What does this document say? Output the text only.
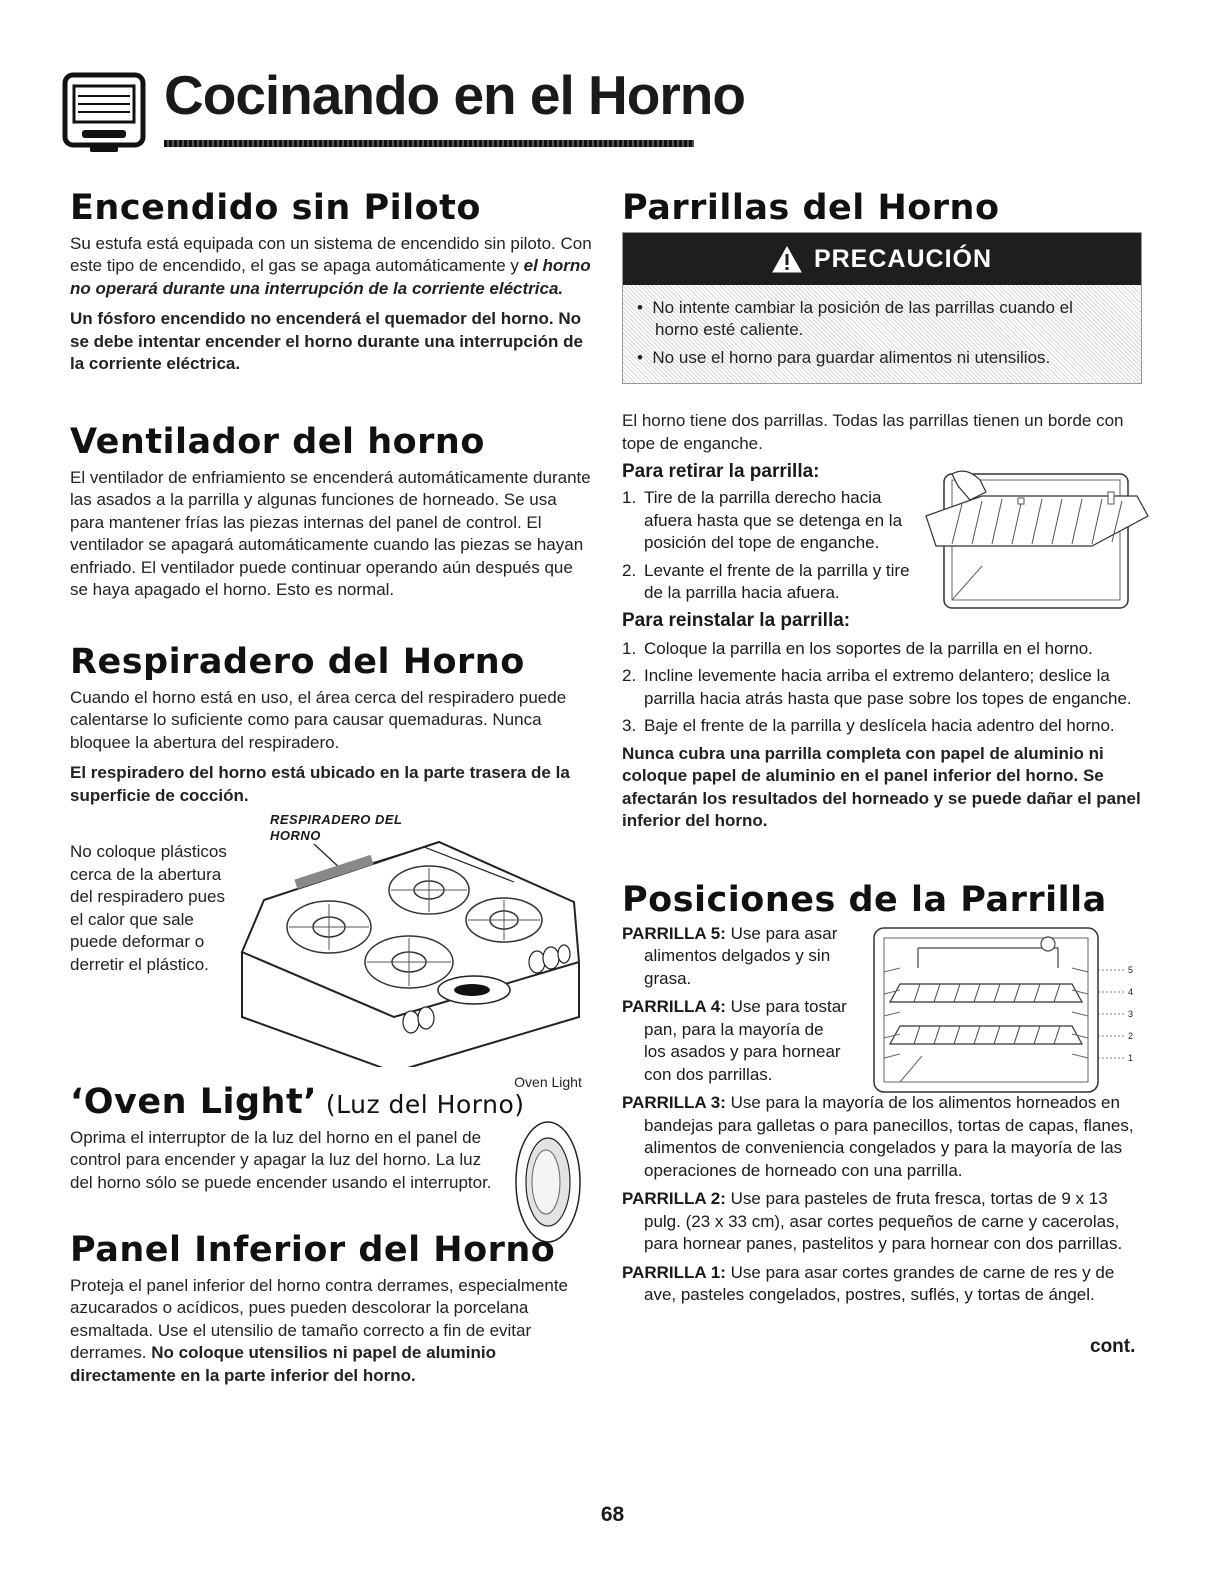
Cocinando en el Horno
Encendido sin Piloto

Su estufa está equipada con un sistema de encendido sin piloto. Con este tipo de encendido, el gas se apaga automáticamente y el horno no operará durante una interrupción de la corriente eléctrica.

Un fósforo encendido no encenderá el quemador del horno. No se debe intentar encender el horno durante una interrupción de la corriente eléctrica.

Ventilador del horno

El ventilador de enfriamiento se encenderá automáticamente durante las asados a la parrilla y algunas funciones de horneado. Se usa para mantener frías las piezas internas del panel de control. El ventilador se apagará automáticamente cuando las piezas se hayan enfriado. El ventilador puede continuar operando aún después que se haya apagado el horno. Esto es normal.

Respiradero del Horno

Cuando el horno está en uso, el área cerca del respiradero puede calentarse lo suficiente como para causar quemaduras. Nunca bloquee la abertura del respiradero.

El respiradero del horno está ubicado en la parte trasera de la superficie de cocción.

No coloque plásticos cerca de la abertura del respiradero pues el calor que sale puede deformar o derretir el plástico.

RESPIRADERO DEL HORNO
‘Oven Light’ (Luz del Horno)

Oprima el interruptor de la luz del horno en el panel de control para encender y apagar la luz del horno. La luz del horno sólo se puede encender usando el interruptor.

Oven Light
Panel Inferior del Horno

Proteja el panel inferior del horno contra derrames, especialmente azucarados o acídicos, pues pueden descolorar la porcelana esmaltada. Use el utensilio de tamaño correcto a fin de evitar derrames. No coloque utensilios ni papel de aluminio directamente en la parte inferior del horno.

Parrillas del Horno
PRECAUCIÓN

•  No intente cambiar la posición de las parrillas cuando el horno esté caliente.

•  No use el horno para guardar alimentos ni utensilios.

El horno tiene dos parrillas. Todas las parrillas tienen un borde con tope de enganche.

Para retirar la parrilla:
1. Tire de la parrilla derecho hacia afuera hasta que se detenga en la posición del tope de enganche.
2. Levante el frente de la parrilla y tire de la parrilla hacia afuera.
Para reinstalar la parrilla:
1. Coloque la parrilla en los soportes de la parrilla en el horno.
2. Incline levemente hacia arriba el extremo delantero; deslice la parrilla hacia atrás hasta que pase sobre los topes de enganche.
3. Baje el frente de la parrilla y deslícela hacia adentro del horno.

Nunca cubra una parrilla completa con papel de aluminio ni coloque papel de aluminio en el panel inferior del horno. Se afectarán los resultados del horneado y se puede dañar el panel inferior del horno.

Posiciones de la Parrilla

PARRILLA 5: Use para asar alimentos delgados y sin grasa.

PARRILLA 4: Use para tostar pan, para la mayoría de los asados y para hornear con dos parrillas.

PARRILLA 3: Use para la mayoría de los alimentos horneados en bandejas para galletas o para panecillos, tortas de capas, flanes, alimentos de conveniencia congelados y para la mayoría de las operaciones de horneado con una parrilla.

PARRILLA 2: Use para pasteles de fruta fresca, tortas de 9 x 13 pulg. (23 x 33 cm), asar cortes pequeños de carne y cacerolas, para hornear panes, pastelitos y para hornear con dos parrillas.

PARRILLA 1: Use para asar cortes grandes de carne de res y de ave, pasteles congelados, postres, suflés, y tortas de ángel.

5
4
3
2
1
cont.
68
